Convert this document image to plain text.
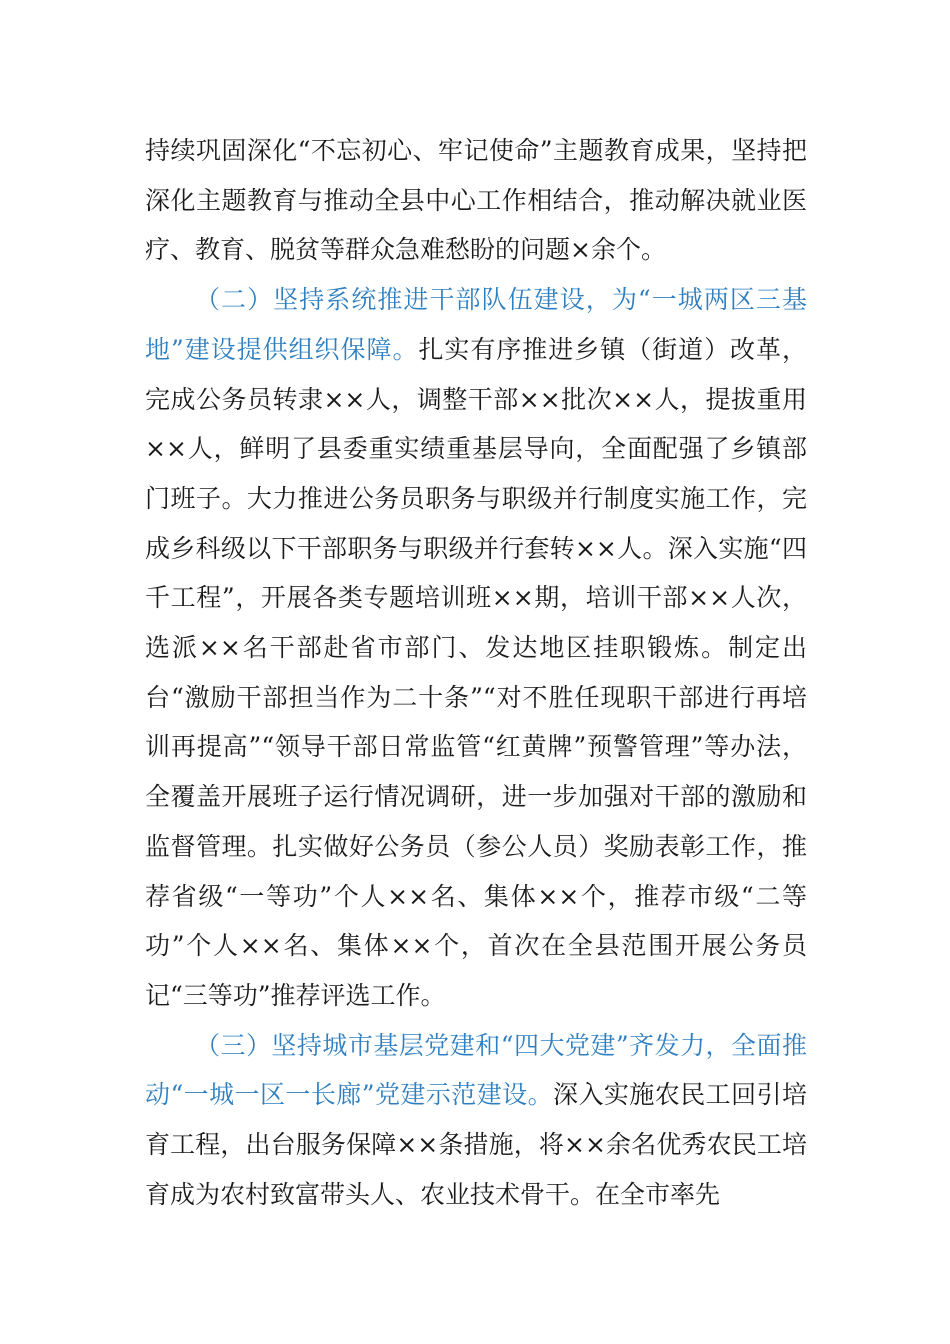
持续巩固深化“不忘初心、牢记使命”主题教育成果，坚持把深化主题教育与推动全县中心工作相结合，推动解决就业医疗、教育、脱贫等群众急难愁盼的问题×余个。

（二）坚持系统推进干部队伍建设，为“一城两区三基地”建设提供组织保障。扎实有序推进乡镇（街道）改革，完成公务员转隶××人，调整干部××批次××人，提拔重用××人，鲜明了县委重实绩重基层导向，全面配强了乡镇部门班子。大力推进公务员职务与职级并行制度实施工作，完成乡科级以下干部职务与职级并行套转××人。深入实施“四千工程”，开展各类专题培训班××期，培训干部××人次，选派××名干部赴省市部门、发达地区挂职锻炼。制定出台“激励干部担当作为二十条”“对不胜任现职干部进行再培训再提高”“领导干部日常监管“红黄牌”预警管理”等办法，全覆盖开展班子运行情况调研，进一步加强对干部的激励和监督管理。扎实做好公务员（参公人员）奖励表彰工作，推荐省级“一等功”个人××名、集体××个，推荐市级“二等功”个人××名、集体××个，首次在全县范围开展公务员记“三等功”推荐评选工作。

（三）坚持城市基层党建和“四大党建”齐发力，全面推动“一城一区一长廊”党建示范建设。深入实施农民工回引培育工程，出台服务保障××条措施，将××余名优秀农民工培育成为农村致富带头人、农业技术骨干。在全市率先
